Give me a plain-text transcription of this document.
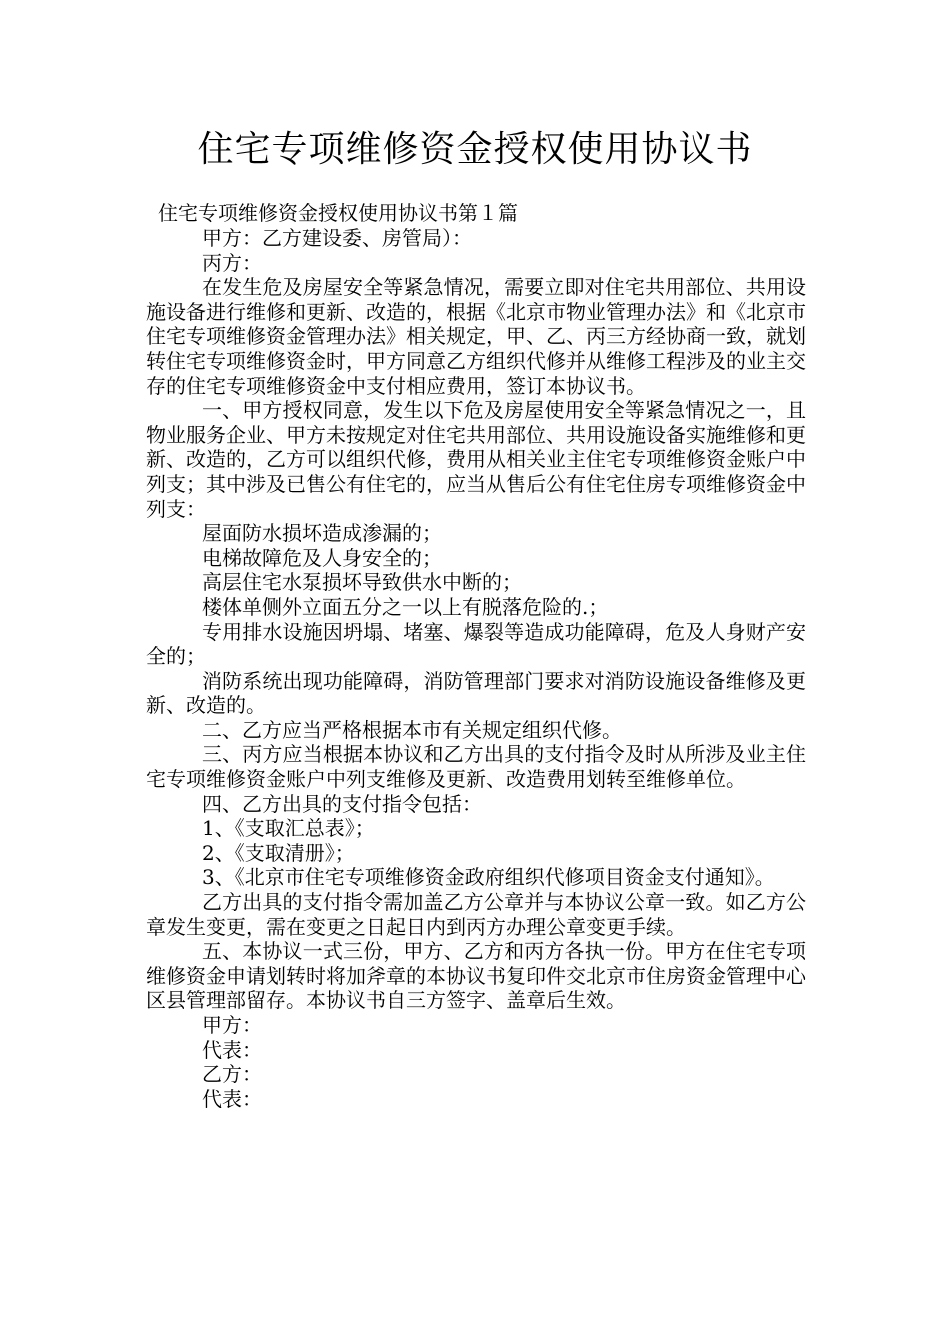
住宅专项维修资金授权使用协议书
住宅专项维修资金授权使用协议书第１篇

甲方：乙方建设委、房管局）：

丙方：

在发生危及房屋安全等紧急情况，需要立即对住宅共用部位、共用设施设备进行维修和更新、改造的，根据《北京市物业管理办法》和《北京市住宅专项维修资金管理办法》相关规定，甲、乙、丙三方经协商一致，就划转住宅专项维修资金时，甲方同意乙方组织代修并从维修工程涉及的业主交存的住宅专项维修资金中支付相应费用，签订本协议书。

一、甲方授权同意，发生以下危及房屋使用安全等紧急情况之一，且物业服务企业、甲方未按规定对住宅共用部位、共用设施设备实施维修和更新、改造的，乙方可以组织代修，费用从相关业主住宅专项维修资金账户中列支；其中涉及已售公有住宅的，应当从售后公有住宅住房专项维修资金中列支：

屋面防水损坏造成渗漏的；

电梯故障危及人身安全的；

高层住宅水泵损坏导致供水中断的；

楼体单侧外立面五分之一以上有脱落危险的.；

专用排水设施因坍塌、堵塞、爆裂等造成功能障碍，危及人身财产安全的；

消防系统出现功能障碍，消防管理部门要求对消防设施设备维修及更新、改造的。

二、乙方应当严格根据本市有关规定组织代修。

三、丙方应当根据本协议和乙方出具的支付指令及时从所涉及业主住宅专项维修资金账户中列支维修及更新、改造费用划转至维修单位。

四、乙方出具的支付指令包括：

1、《支取汇总表》；

2、《支取清册》；

3、《北京市住宅专项维修资金政府组织代修项目资金支付通知》。

乙方出具的支付指令需加盖乙方公章并与本协议公章一致。如乙方公章发生变更，需在变更之日起日内到丙方办理公章变更手续。

五、本协议一式三份，甲方、乙方和丙方各执一份。甲方在住宅专项维修资金申请划转时将加斧章的本协议书复印件交北京市住房资金管理中心区县管理部留存。本协议书自三方签字、盖章后生效。

甲方：

代表：

乙方：

代表：
